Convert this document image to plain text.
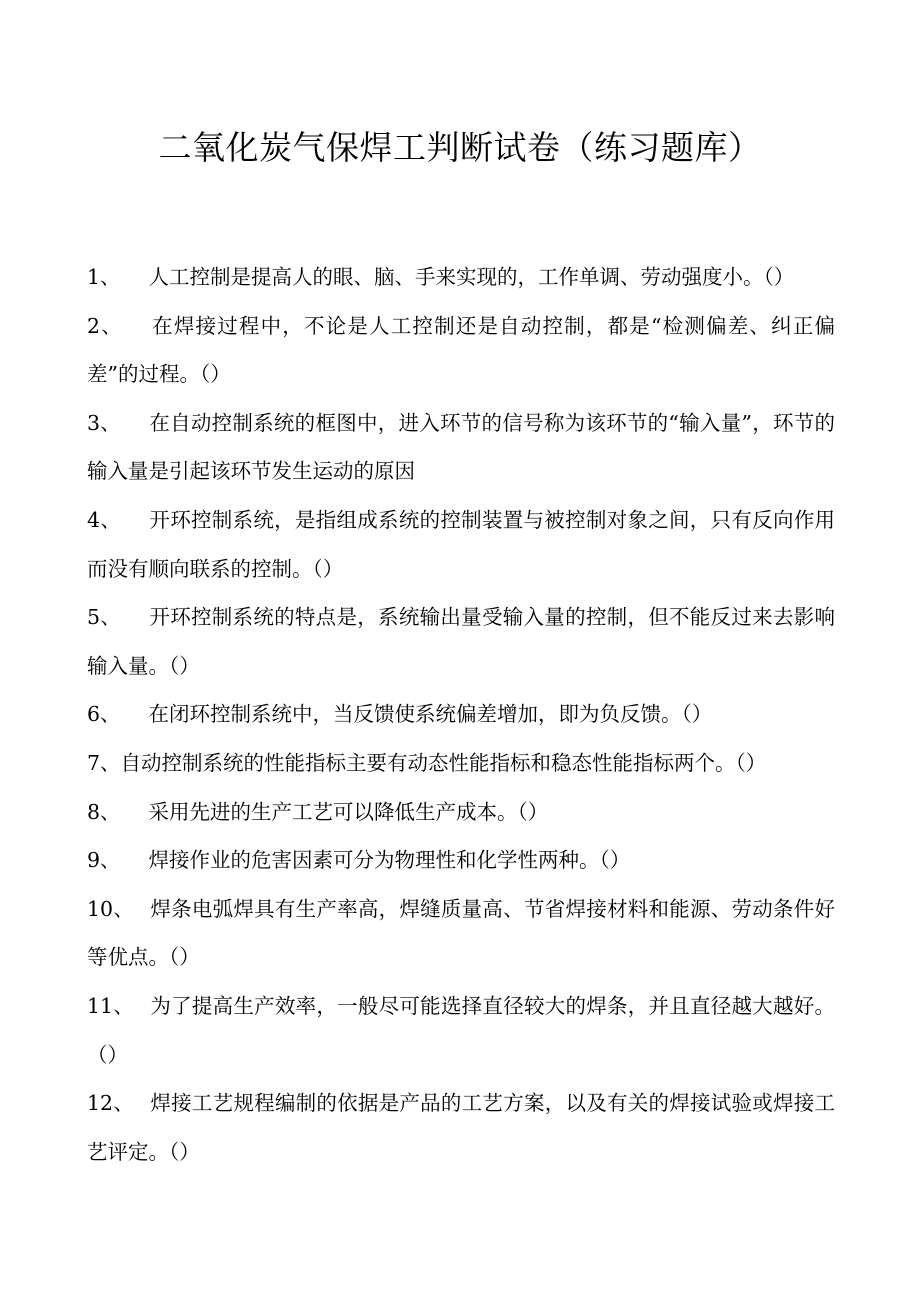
二氧化炭气保焊工判断试卷（练习题库）

1、 人工控制是提高人的眼、脑、手来实现的，工作单调、劳动强度小。（）

2、 在焊接过程中，不论是人工控制还是自动控制，都是“检测偏差、纠正偏差”的过程。（）

3、 在自动控制系统的框图中，进入环节的信号称为该环节的“输入量”，环节的输入量是引起该环节发生运动的原因

4、 开环控制系统，是指组成系统的控制装置与被控制对象之间，只有反向作用而没有顺向联系的控制。（）

5、 开环控制系统的特点是，系统输出量受输入量的控制，但不能反过来去影响输入量。（）

6、 在闭环控制系统中，当反馈使系统偏差增加，即为负反馈。（）

7、自动控制系统的性能指标主要有动态性能指标和稳态性能指标两个。（）

8、 采用先进的生产工艺可以降低生产成本。（）

9、 焊接作业的危害因素可分为物理性和化学性两种。（）

10、 焊条电弧焊具有生产率高，焊缝质量高、节省焊接材料和能源、劳动条件好等优点。（）

11、 为了提高生产效率，一般尽可能选择直径较大的焊条，并且直径越大越好。（）

12、 焊接工艺规程编制的依据是产品的工艺方案，以及有关的焊接试验或焊接工艺评定。（）
